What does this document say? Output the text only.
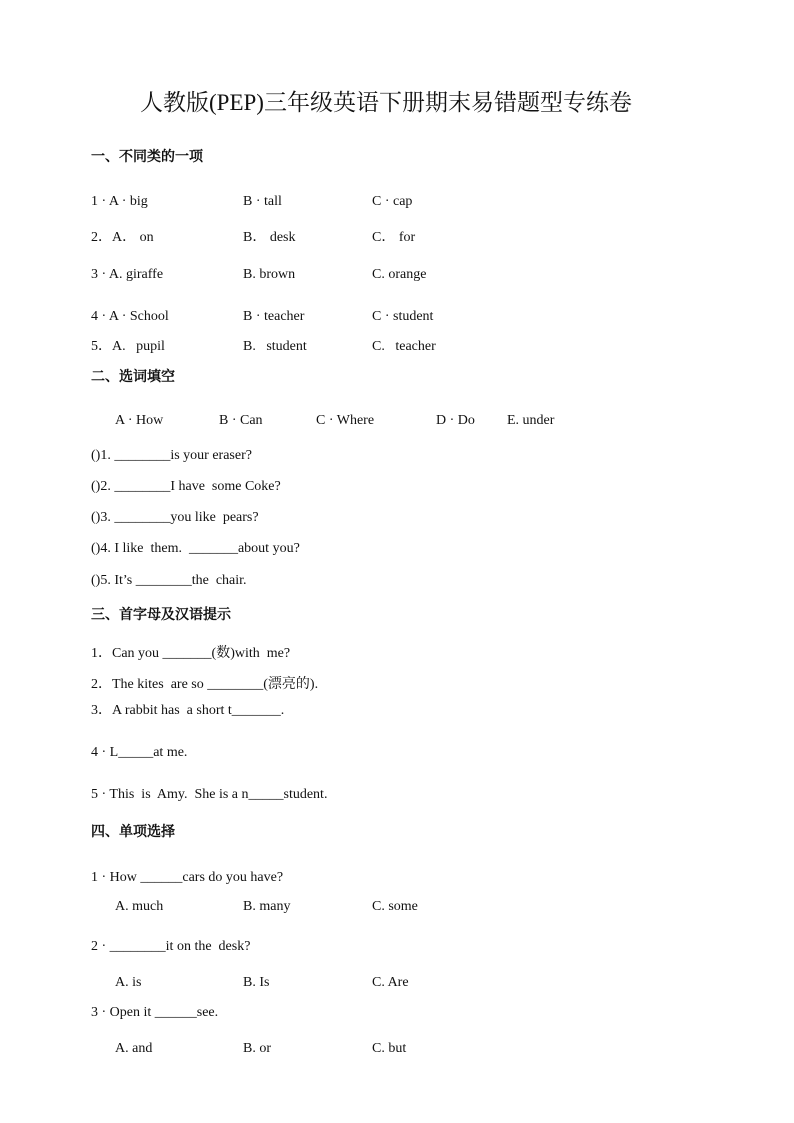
人教版(PEP)三年级英语下册期末易错题型专练卷
一、不同类的一项
1 · A · big	B · tall	C · cap
2．A． on	B． desk	C． for
3 · A. giraffe	B. brown	C. orange
4 · A · School	B · teacher	C · student
5．A.   pupil	B.   student	C.   teacher
二、选词填空
A · How	B · Can	C · Where	D · Do E. under
()1. ________is your eraser?
()2. ________I have  some Coke?
()3. ________you like  pears?
()4. I like  them.  _______about you?
()5. It’s ________the  chair.
三、首字母及汉语提示
1．Can you _______(数)with  me?
2．The kites  are so ________(漂亮的).
3．A rabbit has  a short t_______.
4 · L_____at me.
5 · This  is  Amy.  She is a n_____student.
四、单项选择
1 · How ______cars do you have?
A. much	B. many	C. some
2 · ________it on the  desk?
A. is	B. Is	C. Are
3 · Open it ______see.
A. and	B. or	C. but
